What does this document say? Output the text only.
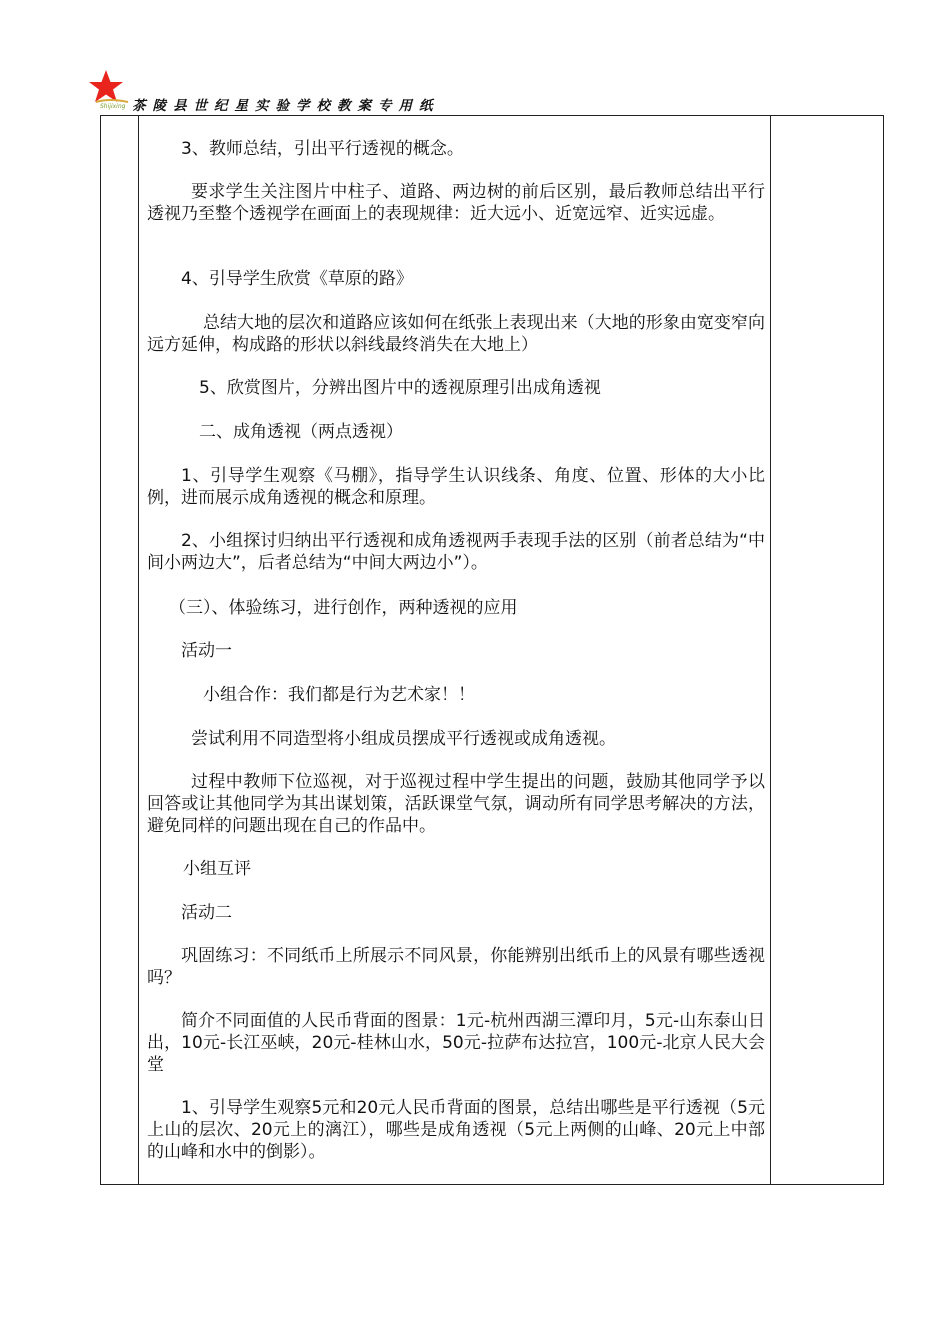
Shijixing 茶陵县世纪星实验学校教案专用纸

3、教师总结，引出平行透视的概念。

要求学生关注图片中柱子、道路、两边树的前后区别，最后教师总结出平行透视乃至整个透视学在画面上的表现规律：近大远小、近宽远窄、近实远虚。

4、引导学生欣赏《草原的路》

总结大地的层次和道路应该如何在纸张上表现出来（大地的形象由宽变窄向远方延伸，构成路的形状以斜线最终消失在大地上）

5、欣赏图片，分辨出图片中的透视原理引出成角透视

二、成角透视（两点透视）

1、引导学生观察《马棚》，指导学生认识线条、角度、位置、形体的大小比例，进而展示成角透视的概念和原理。

2、小组探讨归纳出平行透视和成角透视两手表现手法的区别（前者总结为“中间小两边大”，后者总结为“中间大两边小”）。

（三）、体验练习，进行创作，两种透视的应用

活动一

小组合作：我们都是行为艺术家！！

尝试利用不同造型将小组成员摆成平行透视或成角透视。

过程中教师下位巡视，对于巡视过程中学生提出的问题，鼓励其他同学予以回答或让其他同学为其出谋划策，活跃课堂气氛，调动所有同学思考解决的方法，避免同样的问题出现在自己的作品中。

小组互评

活动二

巩固练习：不同纸币上所展示不同风景，你能辨别出纸币上的风景有哪些透视吗？

简介不同面值的人民币背面的图景：1元-杭州西湖三潭印月，5元-山东泰山日出，10元-长江巫峡，20元-桂林山水，50元-拉萨布达拉宫，100元-北京人民大会堂

1、引导学生观察5元和20元人民币背面的图景，总结出哪些是平行透视（5元上山的层次、20元上的漓江），哪些是成角透视（5元上两侧的山峰、20元上中部的山峰和水中的倒影）。
